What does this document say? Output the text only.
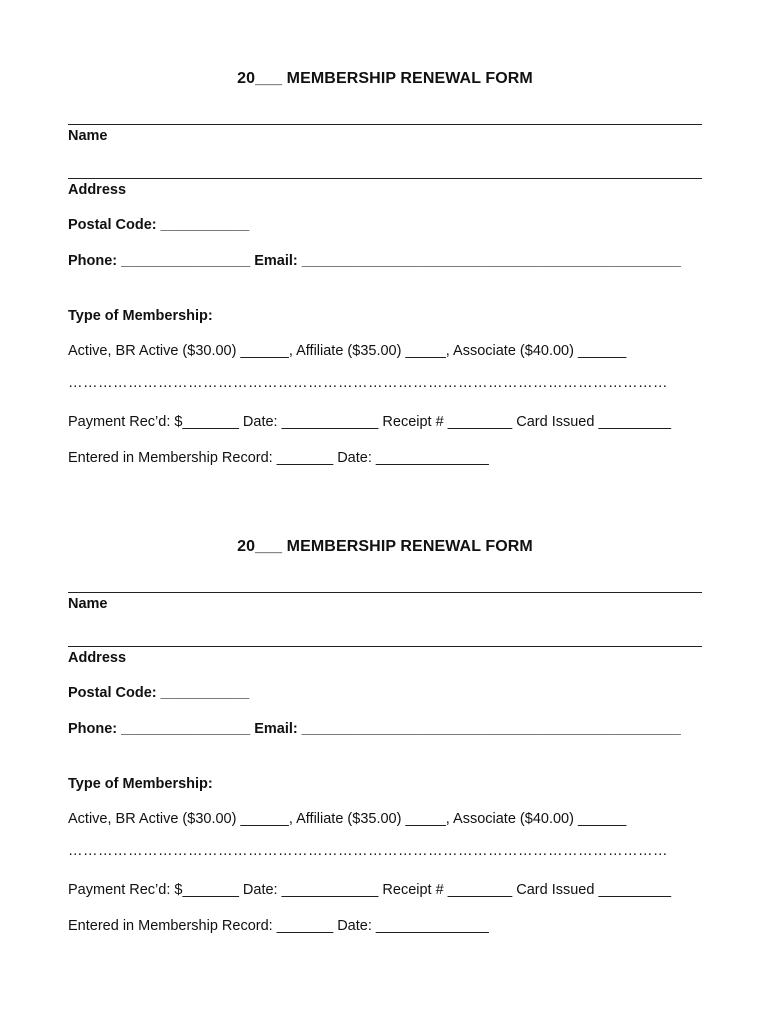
20___ MEMBERSHIP RENEWAL FORM
Name
Address
Postal Code: ___________
Phone: ________________ Email: _______________________________________________
Type of Membership:
Active, BR Active ($30.00) ______, Affiliate ($35.00) _____, Associate ($40.00) ______
…………………………………………………………………………………………………………
Payment Rec’d: $_______ Date: ____________ Receipt # ________ Card Issued _________
Entered in Membership Record: _______ Date: ______________
20___ MEMBERSHIP RENEWAL FORM
Name
Address
Postal Code: ___________
Phone: ________________ Email: _______________________________________________
Type of Membership:
Active, BR Active ($30.00) ______, Affiliate ($35.00) _____, Associate ($40.00) ______
…………………………………………………………………………………………………………
Payment Rec’d: $_______ Date: ____________ Receipt # ________ Card Issued _________
Entered in Membership Record: _______ Date: ______________
